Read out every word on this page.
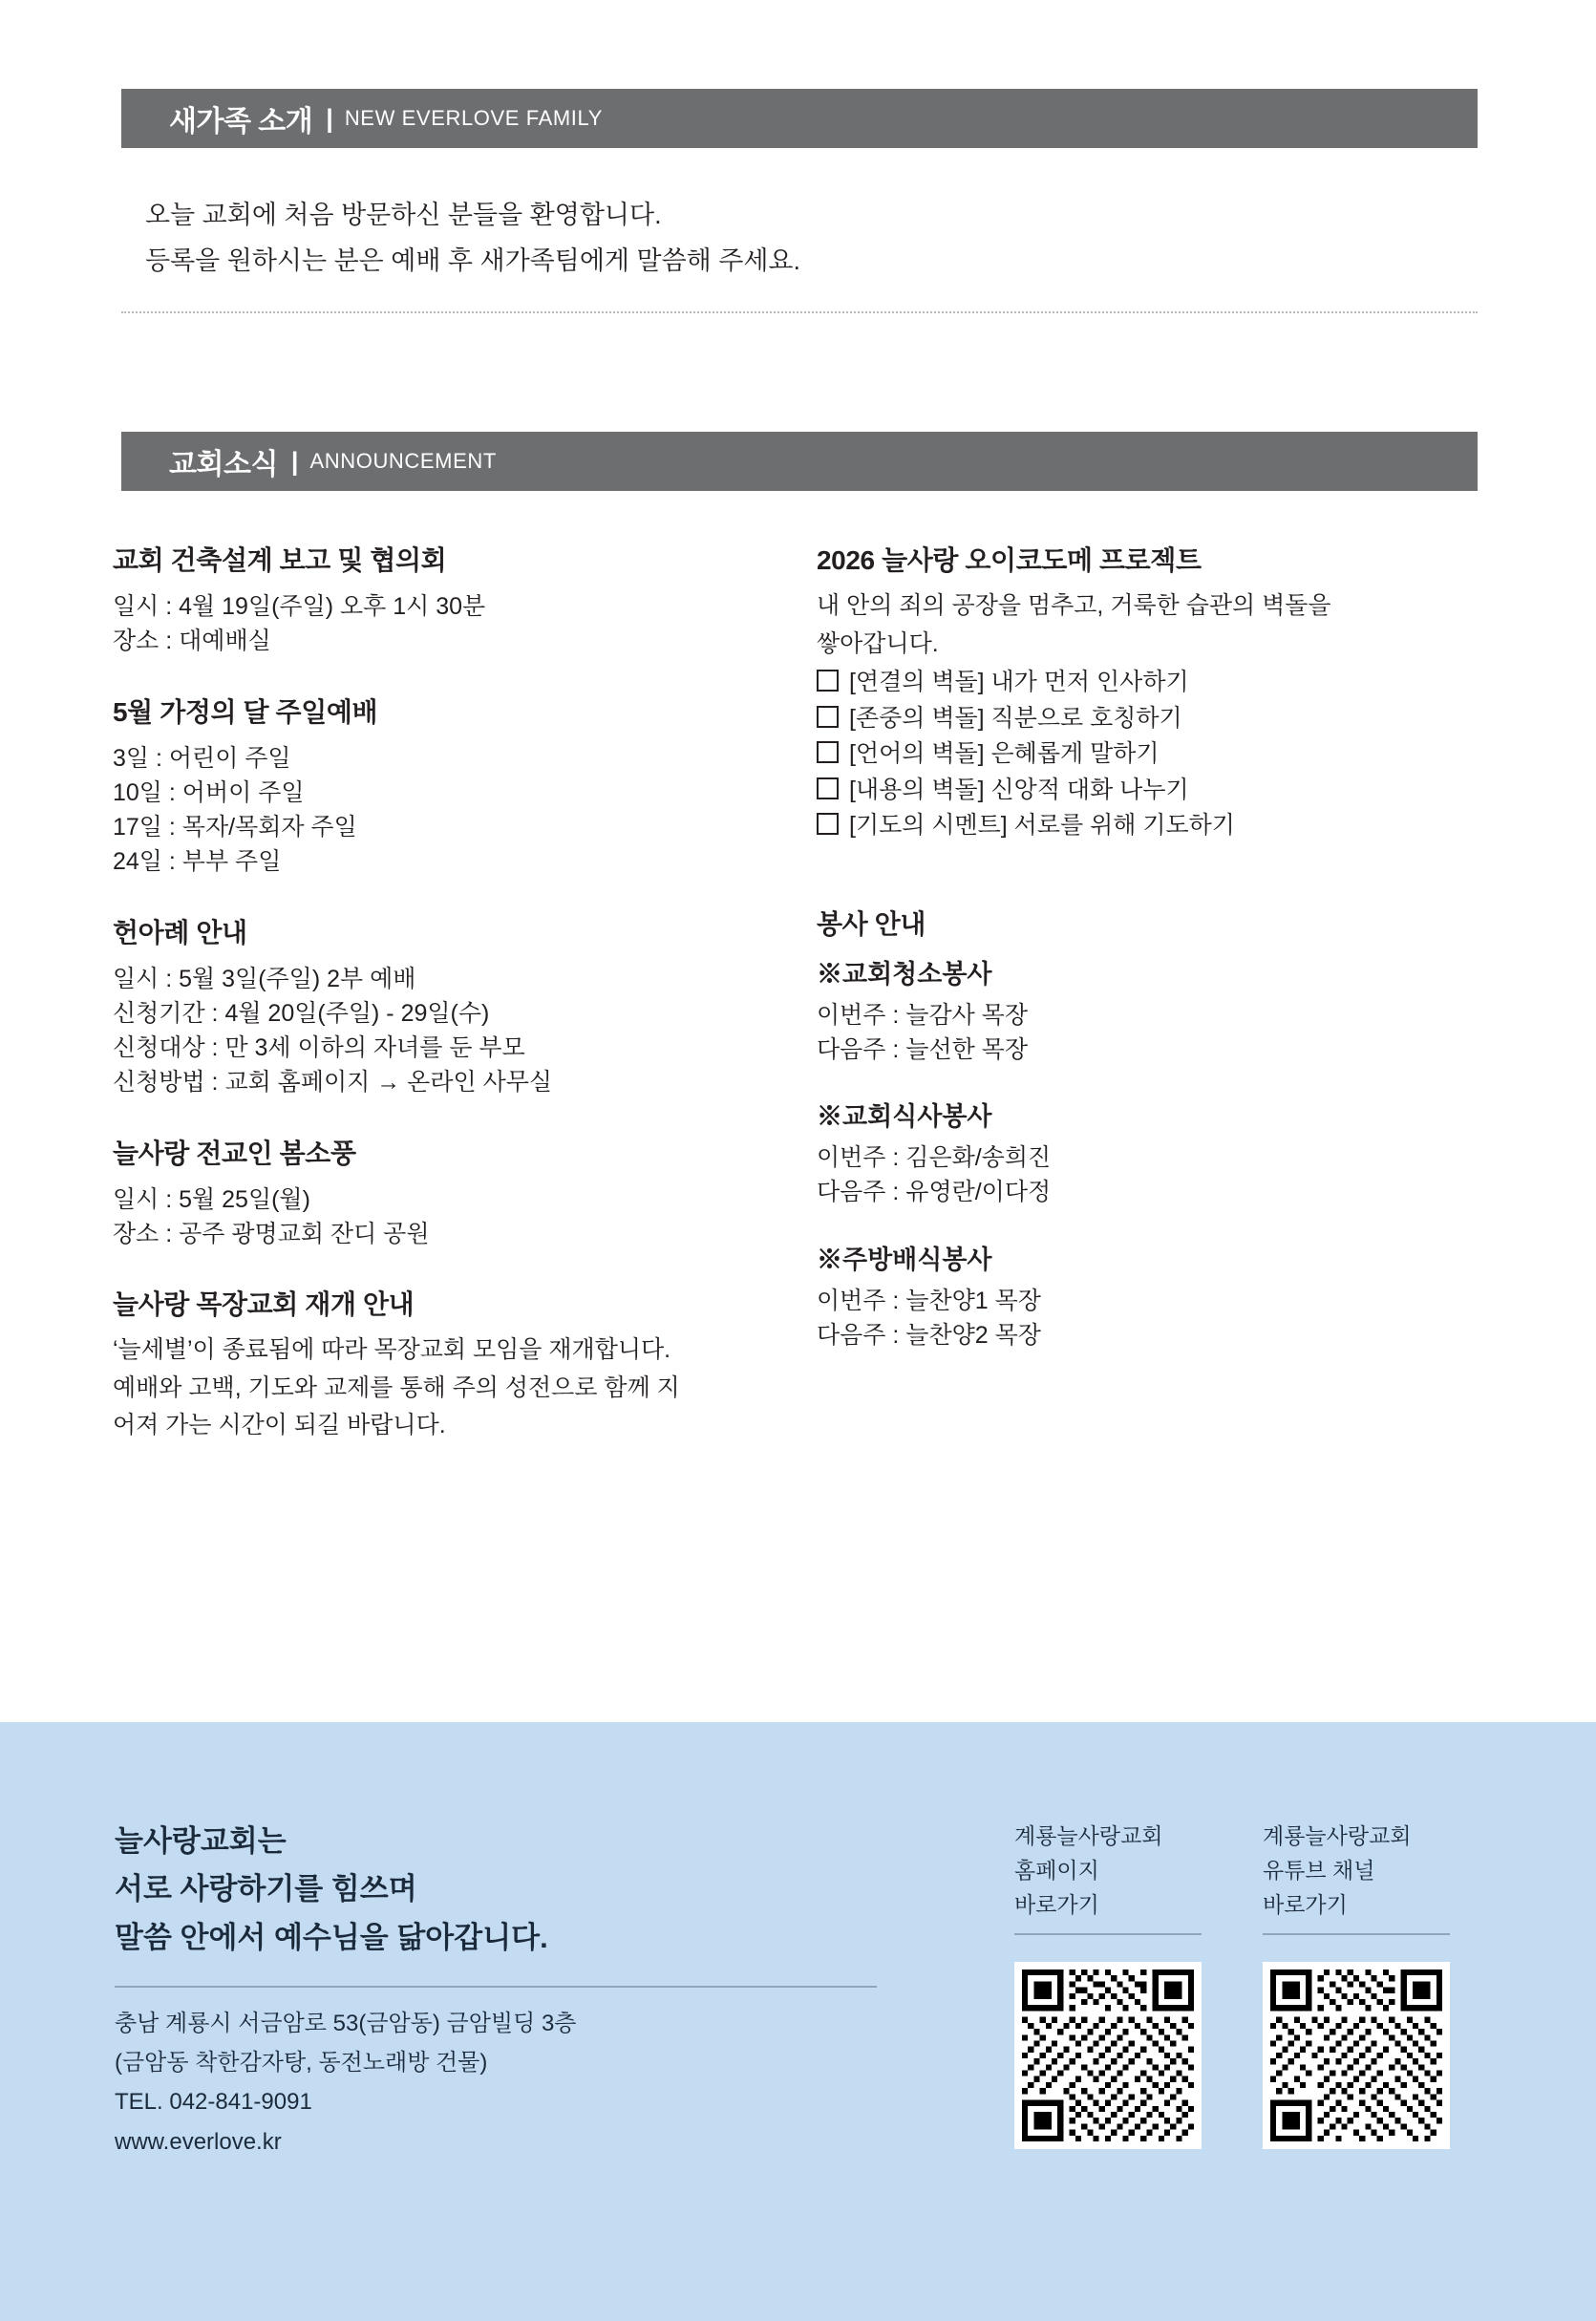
새가족 소개 | NEW EVERLOVE FAMILY

오늘 교회에 처음 방문하신 분들을 환영합니다.

등록을 원하시는 분은 예배 후 새가족팀에게 말씀해 주세요.

교회소식 | ANNOUNCEMENT

교회 건축설계 보고 및 협의회

일시 : 4월 19일(주일) 오후 1시 30분

장소 : 대예배실

5월 가정의 달 주일예배

3일 : 어린이 주일

10일 : 어버이 주일

17일 : 목자/목회자 주일

24일 : 부부 주일

헌아례 안내

일시 : 5월 3일(주일) 2부 예배

신청기간 : 4월 20일(주일) - 29일(수)

신청대상 : 만 3세 이하의 자녀를 둔 부모

신청방법 : 교회 홈페이지 → 온라인 사무실

늘사랑 전교인 봄소풍

일시 : 5월 25일(월)

장소 : 공주 광명교회 잔디 공원

늘사랑 목장교회 재개 안내

‘늘세별’이 종료됨에 따라 목장교회 모임을 재개합니다.

예배와 고백, 기도와 교제를 통해 주의 성전으로 함께 지

어져 가는 시간이 되길 바랍니다.

2026 늘사랑 오이코도메 프로젝트

내 안의 죄의 공장을 멈추고, 거룩한 습관의 벽돌을

쌓아갑니다.

[연결의 벽돌] 내가 먼저 인사하기
[존중의 벽돌] 직분으로 호칭하기
[언어의 벽돌] 은혜롭게 말하기
[내용의 벽돌] 신앙적 대화 나누기
[기도의 시멘트] 서로를 위해 기도하기

봉사 안내

※교회청소봉사

이번주 : 늘감사 목장

다음주 : 늘선한 목장

※교회식사봉사

이번주 : 김은화/송희진

다음주 : 유영란/이다정

※주방배식봉사

이번주 : 늘찬양1 목장

다음주 : 늘찬양2 목장

늘사랑교회는

서로 사랑하기를 힘쓰며

말씀 안에서 예수님을 닮아갑니다.

충남 계룡시 서금암로 53(금암동) 금암빌딩 3층

(금암동 착한감자탕, 동전노래방 건물)

TEL. 042-841-9091

www.everlove.kr

계룡늘사랑교회

홈페이지

바로가기

계룡늘사랑교회

유튜브 채널

바로가기
